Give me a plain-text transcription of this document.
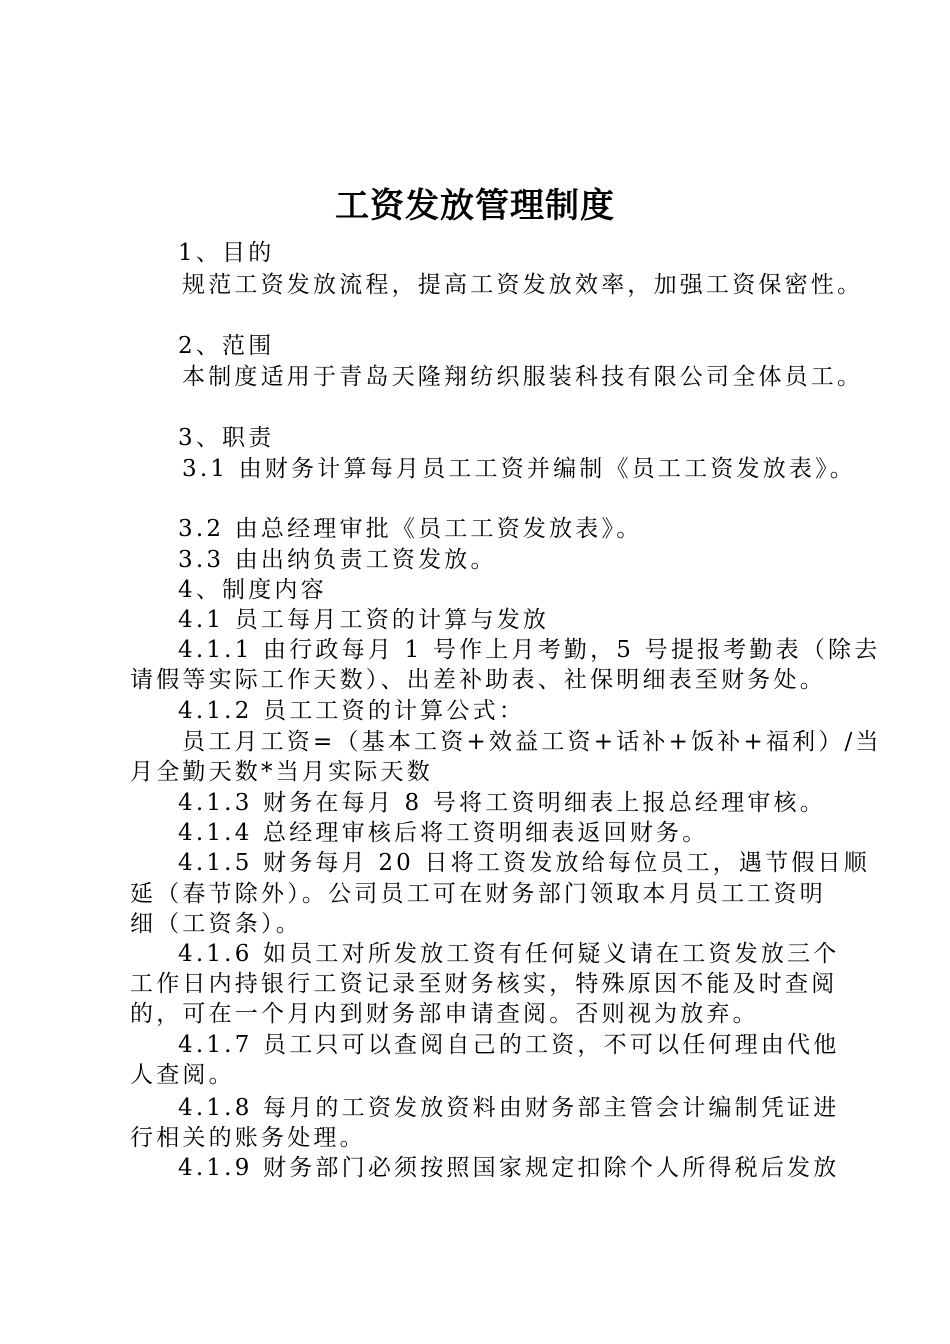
工资发放管理制度
1、目的
规范工资发放流程，提高工资发放效率，加强工资保密性。
2、范围
本制度适用于青岛天隆翔纺织服装科技有限公司全体员工。
3、职责
3.1 由财务计算每月员工工资并编制《员工工资发放表》。
3.2 由总经理审批《员工工资发放表》。
3.3 由出纳负责工资发放。
4、制度内容
4.1 员工每月工资的计算与发放
4.1.1 由行政每月 1 号作上月考勤，5 号提报考勤表（除去
请假等实际工作天数）、出差补助表、社保明细表至财务处。
4.1.2 员工工资的计算公式：
员工月工资=（基本工资+效益工资+话补+饭补+福利）/当
月全勤天数*当月实际天数
4.1.3 财务在每月 8 号将工资明细表上报总经理审核。
4.1.4 总经理审核后将工资明细表返回财务。
4.1.5 财务每月 20 日将工资发放给每位员工，遇节假日顺
延（春节除外）。公司员工可在财务部门领取本月员工工资明
细（工资条）。
4.1.6 如员工对所发放工资有任何疑义请在工资发放三个
工作日内持银行工资记录至财务核实，特殊原因不能及时查阅
的，可在一个月内到财务部申请查阅。否则视为放弃。
4.1.7 员工只可以查阅自己的工资，不可以任何理由代他
人查阅。
4.1.8 每月的工资发放资料由财务部主管会计编制凭证进
行相关的账务处理。
4.1.9 财务部门必须按照国家规定扣除个人所得税后发放
